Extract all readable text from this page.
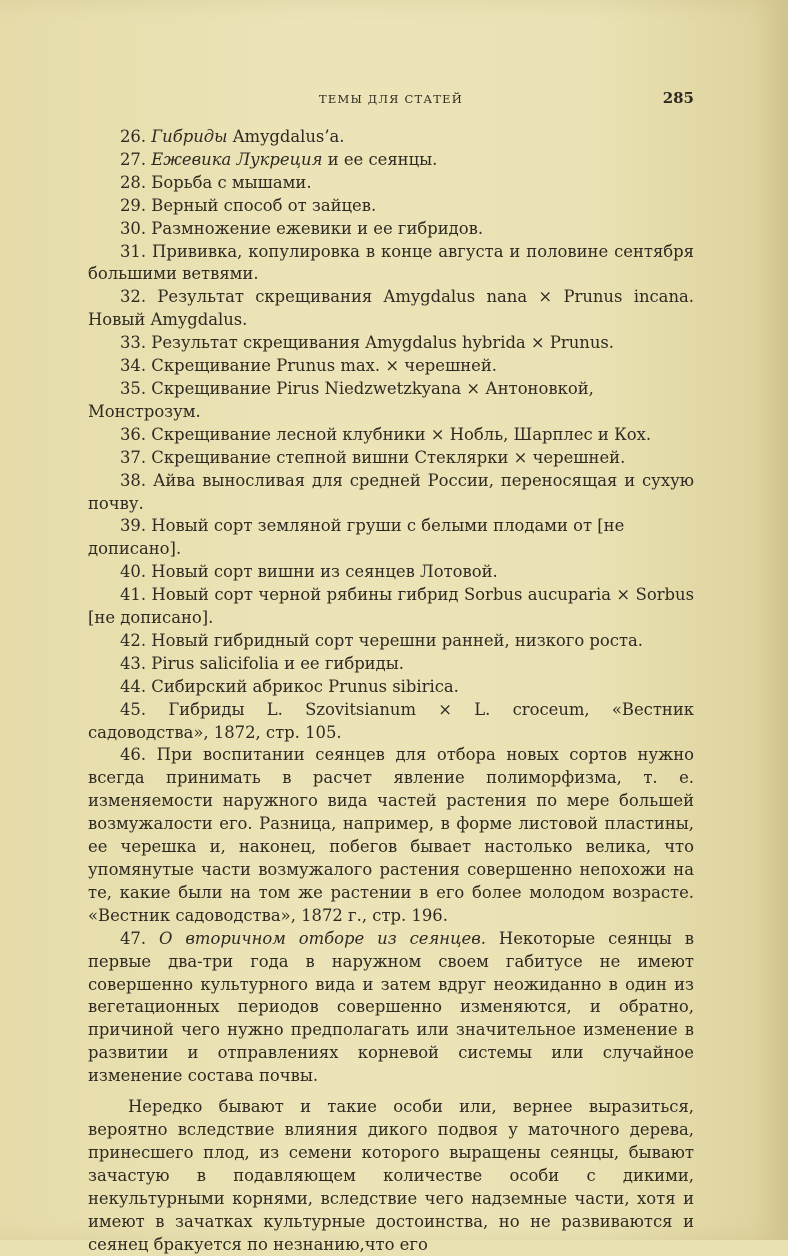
ТЕМЫ ДЛЯ СТАТЕЙ	285

26. Гибриды Amygdalus’a.

27. Ежевика Лукреция и ее сеянцы.

28. Борьба с мышами.

29. Верный способ от зайцев.

30. Размножение ежевики и ее гибридов.

31. Прививка, копулировка в конце августа и половине сентября большими ветвями.

32. Результат скрещивания Amygdalus nana × Prunus incana. Новый Amygdalus.

33. Результат скрещивания Amygdalus hybrida × Prunus.

34. Скрещивание Prunus max. × черешней.

35. Скрещивание Pirus Niedzwetzkyana × Антоновкой, Монстрозум.

36. Скрещивание лесной клубники × Нобль, Шарплес и Кох.

37. Скрещивание степной вишни Стеклярки × черешней.

38. Айва выносливая для средней России, переносящая и сухую почву.

39. Новый сорт земляной груши с белыми плодами от [не дописано].

40. Новый сорт вишни из сеянцев Лотовой.

41. Новый сорт черной рябины гибрид Sorbus aucuparia × Sorbus [не дописано].

42. Новый гибридный сорт черешни ранней, низкого роста.

43. Pirus salicifolia и ее гибриды.

44. Сибирский абрикос Prunus sibirica.

45. Гибриды L. Szovitsianum × L. croceum, «Вестник садоводства», 1872, стр. 105.

46. При воспитании сеянцев для отбора новых сортов нужно всегда принимать в расчет явление полиморфизма, т. е. изменяемости наружного вида частей растения по мере большей возмужалости его. Разница, например, в форме листовой пластины, ее черешка и, наконец, побегов бывает настолько велика, что упомянутые части возмужалого растения совершенно непохожи на те, какие были на том же растении в его более молодом возрасте. «Вестник садоводства», 1872 г., стр. 196.

47. О вторичном отборе из сеянцев. Некоторые сеянцы в первые два-три года в наружном своем габитусе не имеют совершенно культурного вида и затем вдруг неожиданно в один из вегетационных периодов совершенно изменяются, и обратно, причиной чего нужно предполагать или значительное изменение в развитии и отправлениях корневой системы или случайное изменение состава почвы.

Нередко бывают и такие особи или, вернее выразиться, вероятно вследствие влияния дикого подвоя у маточного дерева, принесшего плод, из семени которого выращены сеянцы, бывают зачастую в подавляющем количестве особи с дикими, некультурными корнями, вследствие чего надземные части, хотя и имеют в зачатках культурные достоинства, но не развиваются и сеянец бракуется по незнанию,что его
